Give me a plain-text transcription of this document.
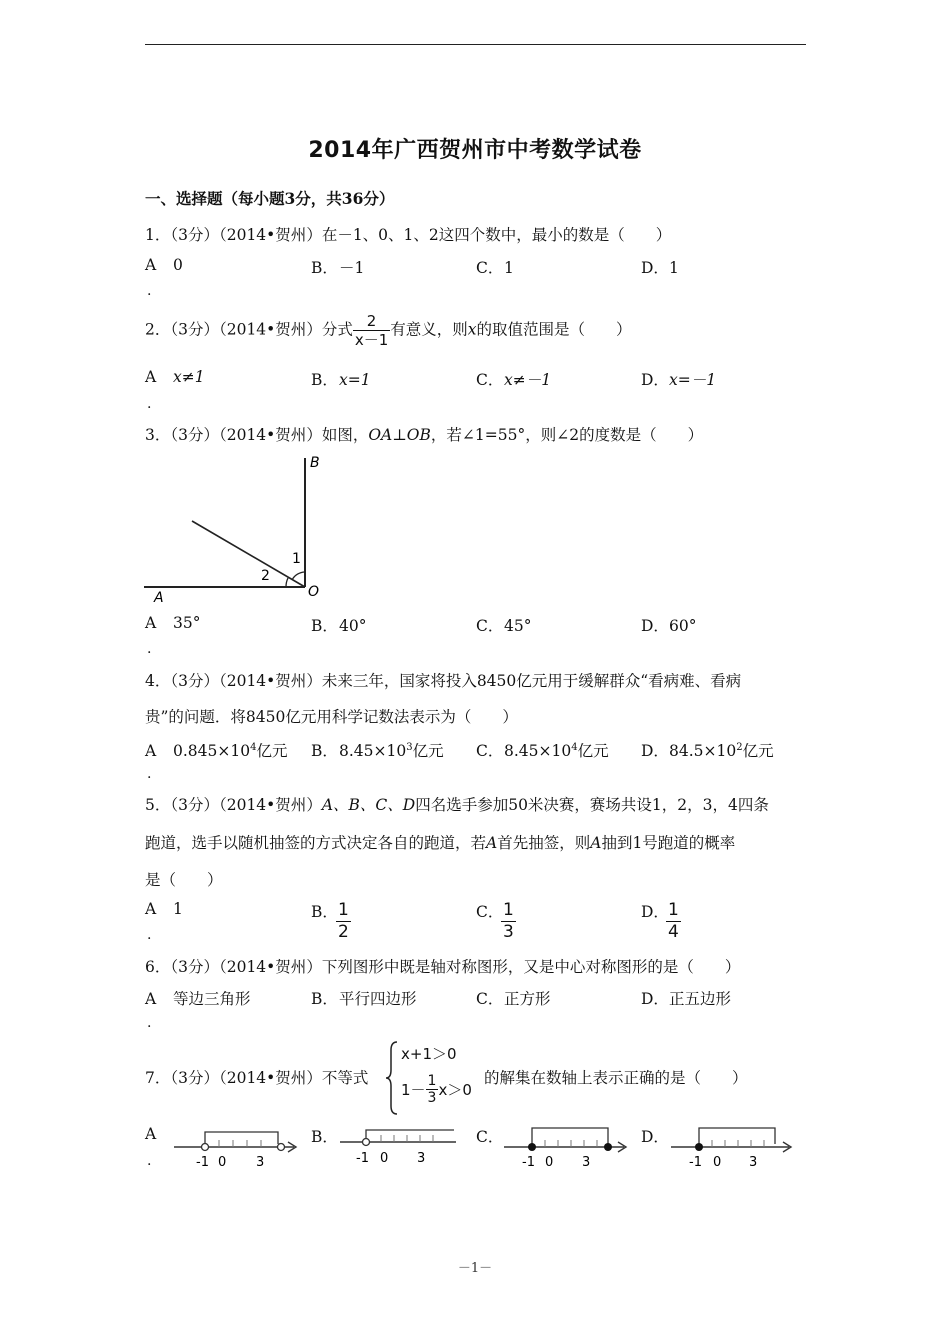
2014年广西贺州市中考数学试卷
一、选择题（每小题3分，共36分）
1．（3分）（2014•贺州）在－1、0、1、2这四个数中，最小的数是（　　）
A 0
.
B．－1	C．1	D．1
2．（3分）（2014•贺州）分式 $\frac{2}{x-1}$ 有意义，则x的取值范围是（　　）
A x≠1
.
B．x=1	C．x≠－1	D．x=－1
3．（3分）（2014•贺州）如图，OA⊥OB，若∠1=55°，则∠2的度数是（　　）
B
O
A
1
2
A 35°
.
B．40°	C．45°	D．60°
4．（3分）（2014•贺州）未来三年，国家将投入8450亿元用于缓解群众“看病难、看病
贵”的问题．将8450亿元用科学记数法表示为（　　）
A $0.845\times 10^4$亿元
.
B．$8.45\times 10^3$亿元 C．$8.45\times 10^4$亿元 D．$84.5\times 10^2$亿元
5．（3分）（2014•贺州）A、B、C、D四名选手参加50米决赛，赛场共设1，2，3，4四条
跑道，选手以随机抽签的方式决定各自的跑道，若A首先抽签，则A抽到1号跑道的概率
是（　　）
A 1
.
B．
$\frac{1}{2}$	C．
$\frac{1}{3}$	D．
$\frac{1}{4}$
6．（3分）（2014•贺州）下列图形中既是轴对称图形，又是中心对称图形的是（　　）
A 等边三角形
.
B．平行四边形	C．正方形	D．正五边形
7．（3分）（2014•贺州）不等式
x+1＞0
$1- \frac{1}{3} x>0$
的解集在数轴上表示正确的是（　　）
A
.
B．	C．	D．
-1 0 3	-1 0 3	-1 0 3	-1 0 3
－1－
